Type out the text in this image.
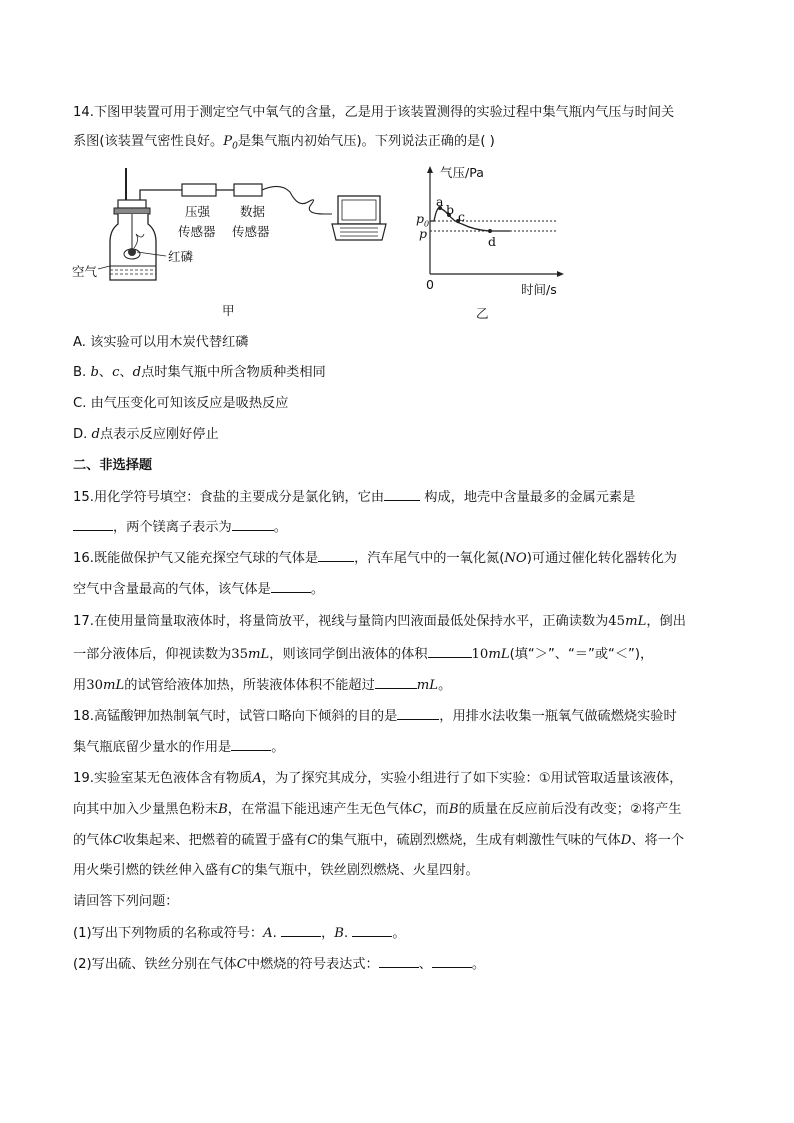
14.下图甲装置可用于测定空气中氧气的含量，乙是用于该装置测得的实验过程中集气瓶内气压与时间关
系图(该装置气密性良好。$P_0$是集气瓶内初始气压)。下列说法正确的是( )
压强
传感器
数据
传感器
空气
红磷
甲
气压/Pa
时间/s
0
$p_0$
p
a
b c
d
乙
A. 该实验可以用木炭代替红磷
B. b、c、d点时集气瓶中所含物质种类相同
C. 由气压变化可知该反应是吸热反应
D. d点表示反应刚好停止
二、非选择题
15.用化学符号填空：食盐的主要成分是氯化钠，它由	构成，地壳中含量最多的金属元素是
，两个镁离子表示为	。
16.既能做保护气又能充探空气球的气体是	，汽车尾气中的一氧化氮(NO)可通过催化转化器转化为
空气中含量最高的气体，该气体是	。
17.在使用量筒量取液体时，将量筒放平，视线与量筒内凹液面最低处保持水平，正确读数为45mL，倒出
一部分液体后，仰视读数为35mL，则该同学倒出液体的体积	10mL(填“＞”、“＝”或“＜”)，
用30mL的试管给液体加热，所装液体体积不能超过	mL。
18.高锰酸钾加热制氧气时，试管口略向下倾斜的目的是	，用排水法收集一瓶氧气做硫燃烧实验时
集气瓶底留少量水的作用是	。
19.实验室某无色液体含有物质A，为了探究其成分，实验小组进行了如下实验：①用试管取适量该液体，
向其中加入少量黑色粉末B，在常温下能迅速产生无色气体C，而B的质量在反应前后没有改变；②将产生
的气体C收集起来、把燃着的硫置于盛有C的集气瓶中，硫剧烈燃烧，生成有刺激性气味的气体D、将一个
用火柴引燃的铁丝伸入盛有C的集气瓶中，铁丝剧烈燃烧、火星四射。
请回答下列问题：
(1)写出下列物质的名称或符号：A.	，B.	。
(2)写出硫、铁丝分别在气体C中燃烧的符号表达式：	、	。
